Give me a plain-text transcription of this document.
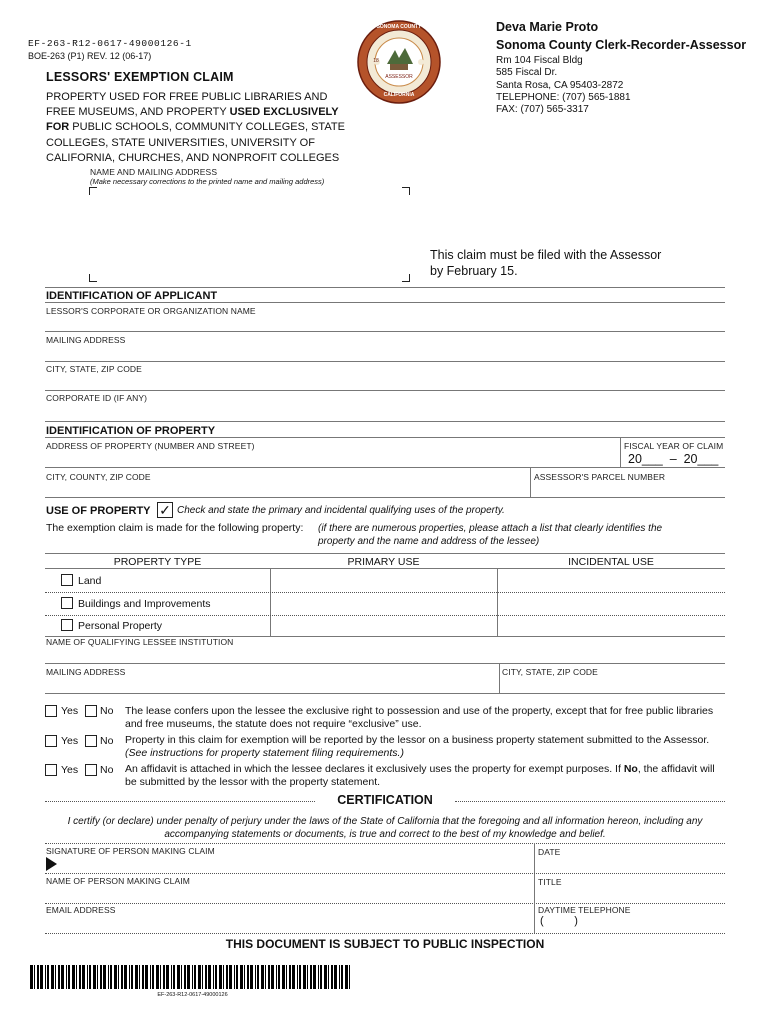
EF-263-R12-0617-49000126-1
BOE-263 (P1) REV. 12 (06-17)
LESSORS' EXEMPTION CLAIM
PROPERTY USED FOR FREE PUBLIC LIBRARIES AND
FREE MUSEUMS, AND PROPERTY USED EXCLUSIVELY
FOR PUBLIC SCHOOLS, COMMUNITY COLLEGES, STATE
COLLEGES, STATE UNIVERSITIES, UNIVERSITY OF
CALIFORNIA, CHURCHES, AND NONPROFIT COLLEGES
SONOMA COUNTY
18
ASSESSOR
CALIFORNIA
Deva Marie Proto
Sonoma County Clerk-Recorder-Assessor
Rm 104 Fiscal Bldg
585 Fiscal Dr.
Santa Rosa, CA 95403-2872
TELEPHONE: (707) 565-1881
FAX: (707) 565-3317
NAME AND MAILING ADDRESS
(Make necessary corrections to the printed name and mailing address)
This claim must be filed with the Assessor
by February 15.
IDENTIFICATION OF APPLICANT
LESSOR'S CORPORATE OR ORGANIZATION NAME
MAILING ADDRESS
CITY, STATE, ZIP CODE
CORPORATE ID (IF ANY)
IDENTIFICATION OF PROPERTY
ADDRESS OF PROPERTY (NUMBER AND STREET)	FISCAL YEAR OF CLAIM
20___  –  20___
CITY, COUNTY, ZIP CODE	ASSESSOR'S PARCEL NUMBER
USE OF PROPERTY ✓ Check and state the primary and incidental qualifying uses of the property.
The exemption claim is made for the following property: (if there are numerous properties, please attach a list that clearly identifies the
property and the name and address of the lessee)
PROPERTY TYPE	PRIMARY USE	INCIDENTAL USE
Land
Buildings and Improvements
Personal Property
NAME OF QUALIFYING LESSEE INSTITUTION
MAILING ADDRESS	CITY, STATE, ZIP CODE
Yes No The lease confers upon the lessee the exclusive right to possession and use of the property, except that for free public libraries
and free museums, the statute does not require “exclusive” use.
Yes No Property in this claim for exemption will be reported by the lessor on a business property statement submitted to the Assessor.
(See instructions for property statement filing requirements.)
Yes No An affidavit is attached in which the lessee declares it exclusively uses the property for exempt purposes. If No, the affidavit will
be submitted by the lessor with the property statement.
CERTIFICATION
I certify (or declare) under penalty of perjury under the laws of the State of California that the foregoing and all information hereon, including any
accompanying statements or documents, is true and correct to the best of my knowledge and belief.
SIGNATURE OF PERSON MAKING CLAIM	DATE
NAME OF PERSON MAKING CLAIM	TITLE
EMAIL ADDRESS	DAYTIME TELEPHONE
(          )
THIS DOCUMENT IS SUBJECT TO PUBLIC INSPECTION
EF-263-R12-0617-49000126
